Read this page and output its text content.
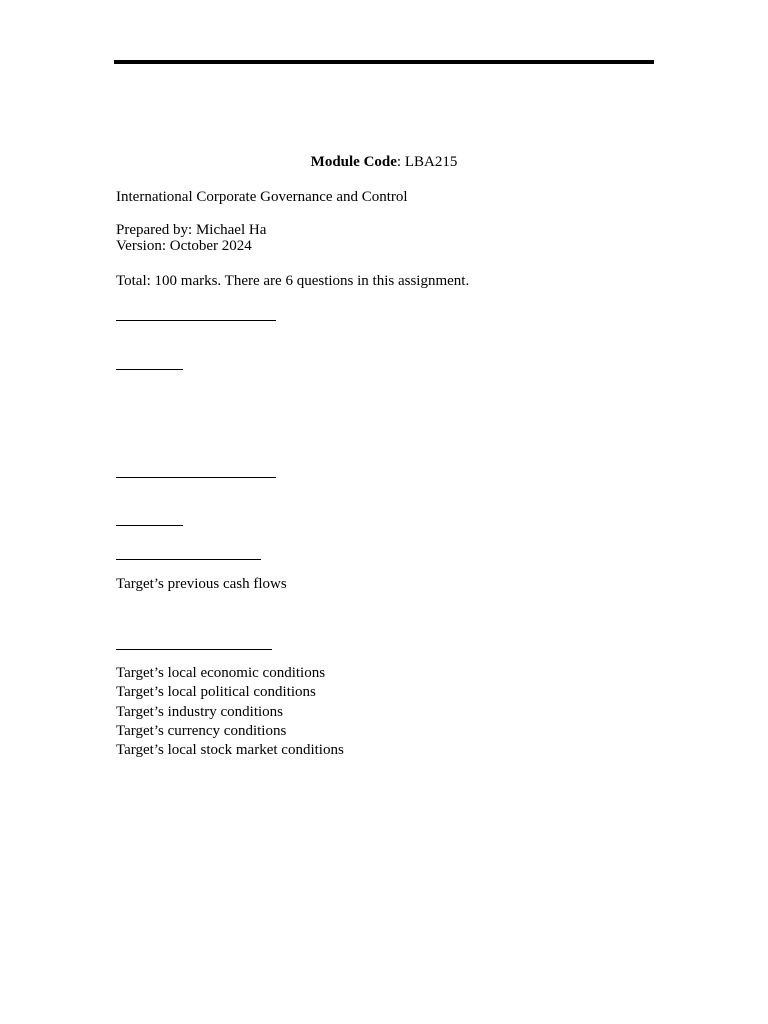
Module Code: LBA215
International Corporate Governance and Control
Prepared by: Michael Ha
Version: October 2024
Total: 100 marks. There are 6 questions in this assignment.
Target’s previous cash flows
Target’s local economic conditions
Target’s local political conditions
Target’s industry conditions
Target’s currency conditions
Target’s local stock market conditions
